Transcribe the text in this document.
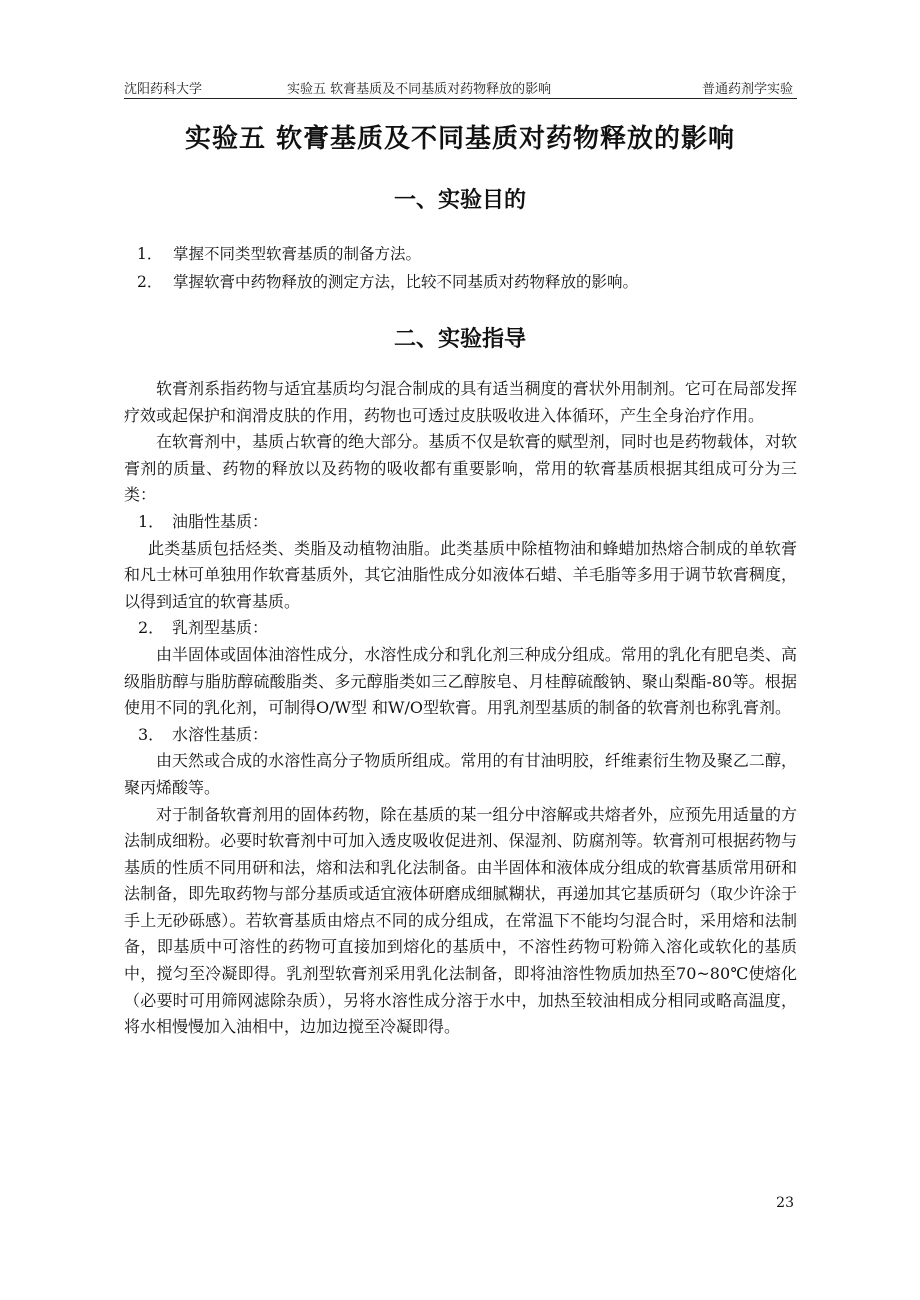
沈阳药科大学	实验五 软膏基质及不同基质对药物释放的影响	普通药剂学实验
实验五 软膏基质及不同基质对药物释放的影响
一、实验目的
1． 掌握不同类型软膏基质的制备方法。
2． 掌握软膏中药物释放的测定方法，比较不同基质对药物释放的影响。
二、实验指导

软膏剂系指药物与适宜基质均匀混合制成的具有适当稠度的膏状外用制剂。它可在局部发挥疗效或起保护和润滑皮肤的作用，药物也可透过皮肤吸收进入体循环，产生全身治疗作用。

在软膏剂中，基质占软膏的绝大部分。基质不仅是软膏的赋型剂，同时也是药物载体，对软膏剂的质量、药物的释放以及药物的吸收都有重要影响，常用的软膏基质根据其组成可分为三类：

1． 油脂性基质：

此类基质包括烃类、类脂及动植物油脂。此类基质中除植物油和蜂蜡加热熔合制成的单软膏和凡士林可单独用作软膏基质外，其它油脂性成分如液体石蜡、羊毛脂等多用于调节软膏稠度，以得到适宜的软膏基质。

2． 乳剂型基质：

由半固体或固体油溶性成分，水溶性成分和乳化剂三种成分组成。常用的乳化有肥皂类、高级脂肪醇与脂肪醇硫酸脂类、多元醇脂类如三乙醇胺皂、月桂醇硫酸钠、聚山梨酯-80等。根据使用不同的乳化剂，可制得O/W型 和W/O型软膏。用乳剂型基质的制备的软膏剂也称乳膏剂。

3． 水溶性基质：

由天然或合成的水溶性高分子物质所组成。常用的有甘油明胶，纤维素衍生物及聚乙二醇，聚丙烯酸等。

对于制备软膏剂用的固体药物，除在基质的某一组分中溶解或共熔者外，应预先用适量的方法制成细粉。必要时软膏剂中可加入透皮吸收促进剂、保湿剂、防腐剂等。软膏剂可根据药物与基质的性质不同用研和法，熔和法和乳化法制备。由半固体和液体成分组成的软膏基质常用研和法制备，即先取药物与部分基质或适宜液体研磨成细腻糊状，再递加其它基质研匀（取少许涂于手上无砂砾感）。若软膏基质由熔点不同的成分组成，在常温下不能均匀混合时，采用熔和法制备，即基质中可溶性的药物可直接加到熔化的基质中，不溶性药物可粉筛入溶化或软化的基质中，搅匀至冷凝即得。乳剂型软膏剂采用乳化法制备，即将油溶性物质加热至70~80℃使熔化（必要时可用筛网滤除杂质），另将水溶性成分溶于水中，加热至较油相成分相同或略高温度，将水相慢慢加入油相中，边加边搅至冷凝即得。

23
